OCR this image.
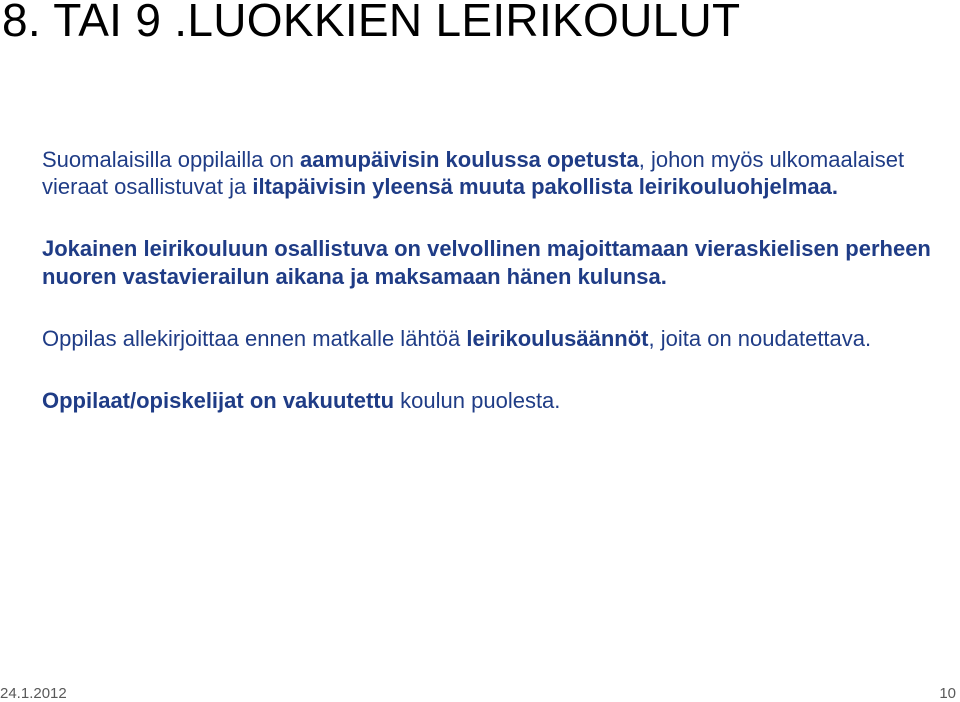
8. TAI 9 .LUOKKIEN LEIRIKOULUT

Suomalaisilla oppilailla on aamupäivisin koulussa opetusta, johon myös ulkomaalaiset vieraat osallistuvat ja iltapäivisin yleensä muuta pakollista leirikouluohjelmaa.

Jokainen leirikouluun osallistuva on velvollinen majoittamaan vieraskielisen perheen nuoren vastavierailun aikana ja maksamaan hänen kulunsa.

Oppilas allekirjoittaa ennen matkalle lähtöä leirikoulusäännöt, joita on noudatettava.

Oppilaat/opiskelijat on vakuutettu koulun puolesta.

24.1.2012	10
